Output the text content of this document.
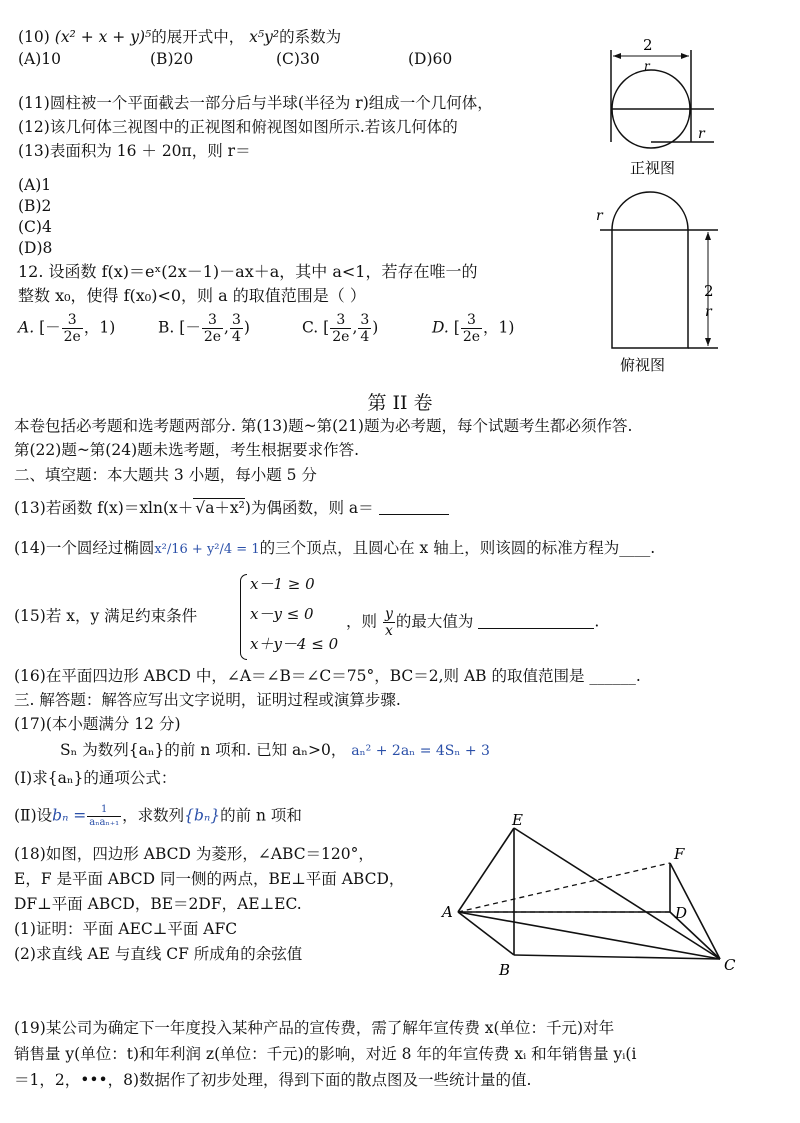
(10) (x² + x + y)⁵的展开式中， x⁵y²的系数为
(A)10	(B)20	(C)30	(D)60
(11)圆柱被一个平面截去一部分后与半球(半径为 r)组成一个几何体，
(12)该几何体三视图中的正视图和俯视图如图所示.若该几何体的
(13)表面积为 16 ＋ 20π，则 r＝
(A)1
(B)2
(C)4
(D)8
2
r
r
正视图
r
2
r
俯视图
12. 设函数 f(x)＝eˣ(2x－1)－ax＋a，其中 a<1，若存在唯一的
整数 x₀，使得 f(x₀)<0，则 a 的取值范围是（ ）
A. [－ $\frac{3}{2e}$ ，1)	B. [－ $\frac{3}{2e}$ , $\frac{3}{4}$ )	C. [ $\frac{3}{2e}$ , $\frac{3}{4}$ )	D. [ $\frac{3}{2e}$ ，1)
第 II 卷
本卷包括必考题和选考题两部分. 第(13)题~第(21)题为必考题，每个试题考生都必须作答.
第(22)题~第(24)题未选考题，考生根据要求作答.
二、填空题：本大题共 3 小题，每小题 5 分
(13)若函数 f(x)＝xln(x＋ √a＋x²)为偶函数，则 a＝
(14)一个圆经过椭圆x²/16 + y²/4 = 1的三个顶点，且圆心在 x 轴上，则该圆的标准方程为____.
(15)若 x，y 满足约束条件
x－1 ≥ 0
x－y ≤ 0
x＋y－4 ≤ 0
，则 $\frac{y}{x}$ 的最大值为	.
(16)在平面四边形 ABCD 中，∠A＝∠B＝∠C＝75°，BC＝2,则 AB 的取值范围是 ______.
三. 解答题：解答应写出文字说明，证明过程或演算步骤.
(17)(本小题满分 12 分)
Sₙ 为数列{aₙ}的前 n 项和. 已知 aₙ>0， aₙ² + 2aₙ = 4Sₙ + 3
(Ⅰ)求{aₙ}的通项公式：
(Ⅱ)设$b_n = \frac{1}{\text{aₙaₙ₊₁}}$ ，求数列{bₙ}的前 n 项和
(18)如图，四边形 ABCD 为菱形，∠ABC＝120°，
E，F 是平面 ABCD 同一侧的两点，BE⊥平面 ABCD，
DF⊥平面 ABCD，BE＝2DF，AE⊥EC.
(1)证明：平面 AEC⊥平面 AFC
(2)求直线 AE 与直线 CF 所成角的余弦值
E
F
A	D
B	C
(19)某公司为确定下一年度投入某种产品的宣传费，需了解年宣传费 x(单位：千元)对年
销售量 y(单位：t)和年利润 z(单位：千元)的影响，对近 8 年的年宣传费 xᵢ 和年销售量 yᵢ(i
＝1，2，•••，8)数据作了初步处理，得到下面的散点图及一些统计量的值.
